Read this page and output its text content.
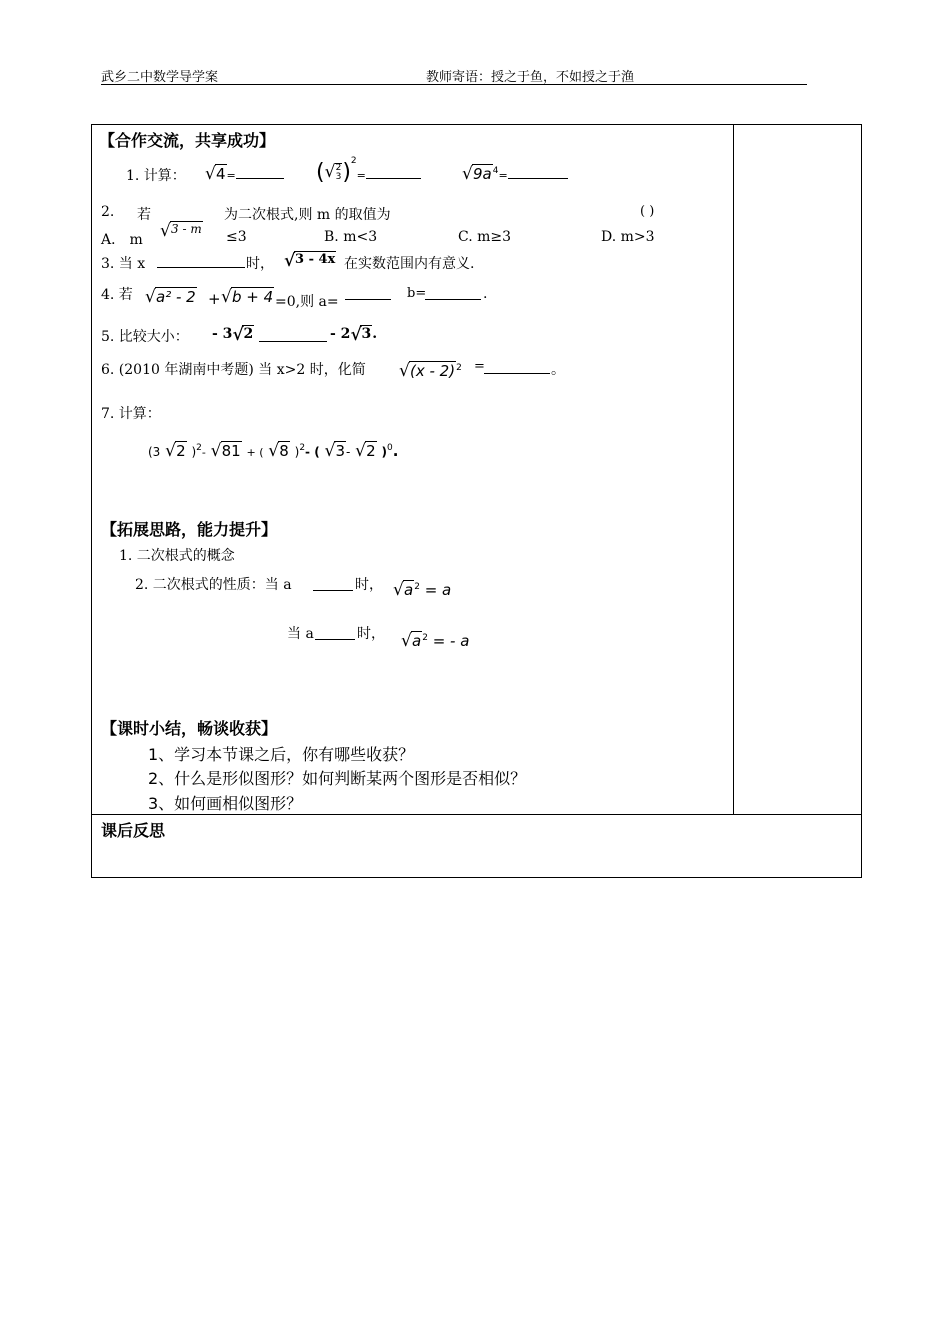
武乡二中数学导学案	教师寄语：授之于鱼，不如授之于渔
【合作交流，共享成功】
1. 计算：	√ 4=	( √ 2
3)$^2$=	√ $9a^4=$
2. 若
√ 3 - m
为二次根式,则 m 的取值为	( )
A． m	≤3	B. m<3	C. m≥3	D. m>3
3. 当 x	时，	√ 3 - 4x 在实数范围内有意义.
4. 若	√ a² - 2 + √ b + 4 =0,则 a=
b=	.
5. 比较大小： - 3 √ 2	- 2 √ 3.
6. (2010 年湖南中考题) 当 x>2 时，化简	√ (x - 2)$^2$ =	。
7. 计算：
(3 √ 2 )$^2$- √ 81 + ( √ 8 )$^2$- ( √ 3- √ 2 )$^0$.
【拓展思路，能力提升】
1. 二次根式的概念
2. 二次根式的性质：当 a	时，	√ $a^2 = a$
当 a	时，	√ $a^2$ = - a
【课时小结，畅谈收获】
1、学习本节课之后，你有哪些收获？
2、什么是形似图形？如何判断某两个图形是否相似？
3、如何画相似图形？
课后反思
